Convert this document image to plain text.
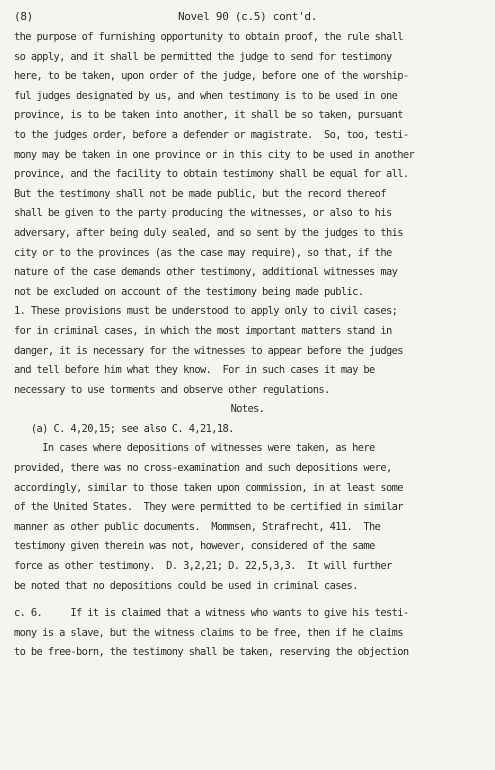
(8)	Novel 90 (c.5) cont'd.
the purpose of furnishing opportunity to obtain proof, the rule shall
so apply, and it shall be permitted the judge to send for testimony
here, to be taken, upon order of the judge, before one of the worship-
ful judges designated by us, and when testimony is to be used in one
province, is to be taken into another, it shall be so taken, pursuant
to the judges order, before a defender or magistrate.  So, too, testi-
mony may be taken in one province or in this city to be used in another
province, and the facility to obtain testimony shall be equal for all.
But the testimony shall not be made public, but the record thereof
shall be given to the party producing the witnesses, or also to his
adversary, after being duly sealed, and so sent by the judges to this
city or to the provinces (as the case may require), so that, if the
nature of the case demands other testimony, additional witnesses may
not be excluded on account of the testimony being made public.
1. These provisions must be understood to apply only to civil cases;
for in criminal cases, in which the most important matters stand in
danger, it is necessary for the witnesses to appear before the judges
and tell before him what they know.  For in such cases it may be
necessary to use torments and observe other regulations.
Notes.
(a) C. 4,20,15; see also C. 4,21,18.
In cases where depositions of witnesses were taken, as here
provided, there was no cross-examination and such depositions were,
accordingly, similar to those taken upon commission, in at least some
of the United States.  They were permitted to be certified in similar
manner as other public documents.  Mommsen, Strafrecht, 411.  The
testimony given therein was not, however, considered of the same
force as other testimony.  D. 3,2,21; D. 22,5,3,3.  It will further
be noted that no depositions could be used in criminal cases.
c. 6.     If it is claimed that a witness who wants to give his testi-
mony is a slave, but the witness claims to be free, then if he claims
to be free-born, the testimony shall be taken, reserving the objection
